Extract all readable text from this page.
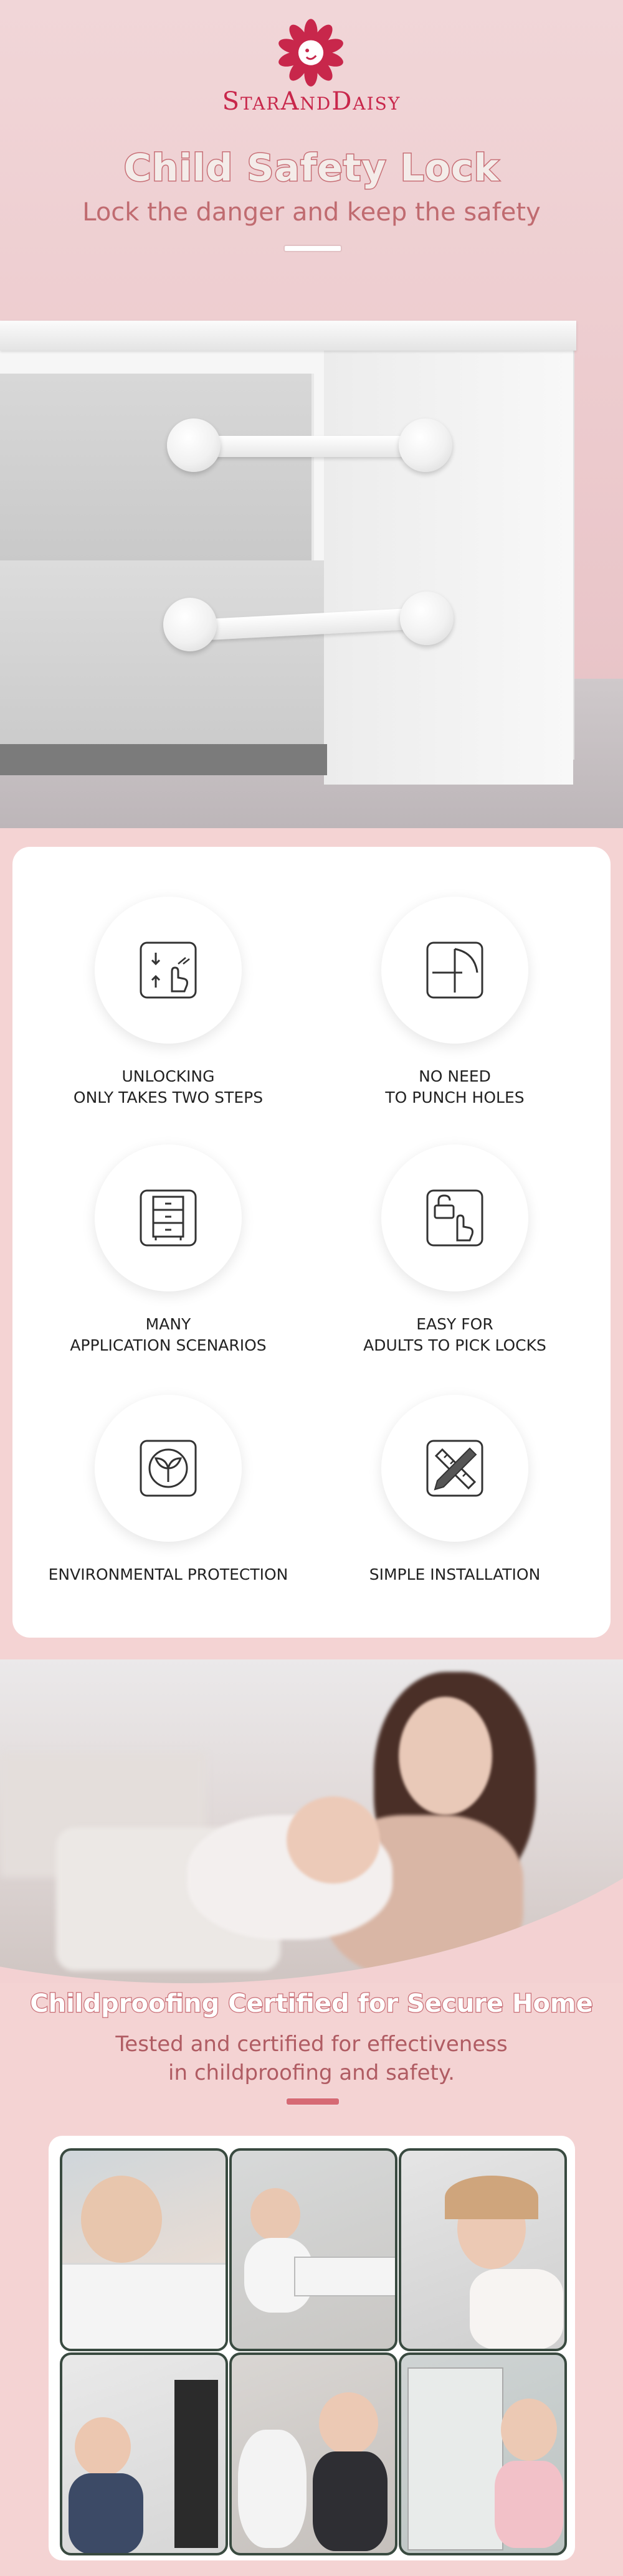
StarAndDaisy
Child Safety Lock
Lock the danger and keep the safety
UNLOCKING
ONLY TAKES TWO STEPS
NO NEED
TO PUNCH HOLES
MANY
APPLICATION SCENARIOS
EASY FOR
ADULTS TO PICK LOCKS
ENVIRONMENTAL PROTECTION	SIMPLE INSTALLATION
Childproofing Certified for Secure Home
Tested and certified for effectiveness
in childproofing and safety.
